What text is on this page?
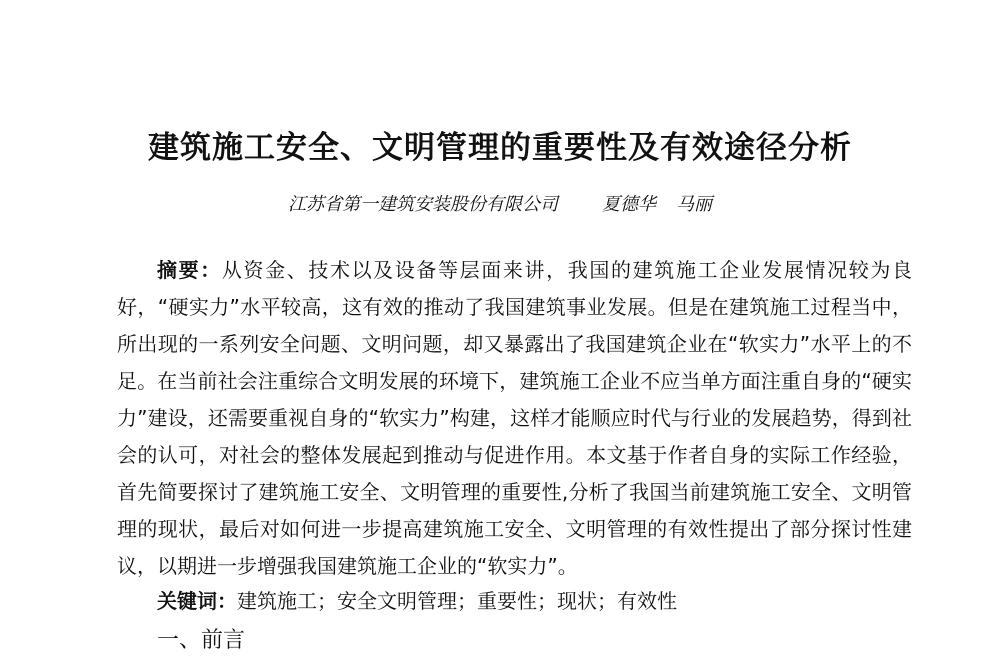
建筑施工安全、文明管理的重要性及有效途径分析
江苏省第一建筑安装股份有限公司 夏德华 马丽
摘要：从资金、技术以及设备等层面来讲，我国的建筑施工企业发展情况较为良好，“硬实力”水平较高，这有效的推动了我国建筑事业发展。但是在建筑施工过程当中，所出现的一系列安全问题、文明问题，却又暴露出了我国建筑企业在“软实力”水平上的不足。在当前社会注重综合文明发展的环境下，建筑施工企业不应当单方面注重自身的“硬实力”建设，还需要重视自身的“软实力”构建，这样才能顺应时代与行业的发展趋势，得到社会的认可，对社会的整体发展起到推动与促进作用。本文基于作者自身的实际工作经验，首先简要探讨了建筑施工安全、文明管理的重要性,分析了我国当前建筑施工安全、文明管理的现状，最后对如何进一步提高建筑施工安全、文明管理的有效性提出了部分探讨性建议，以期进一步增强我国建筑施工企业的“软实力”。
关键词：建筑施工；安全文明管理；重要性；现状；有效性
一、前言
